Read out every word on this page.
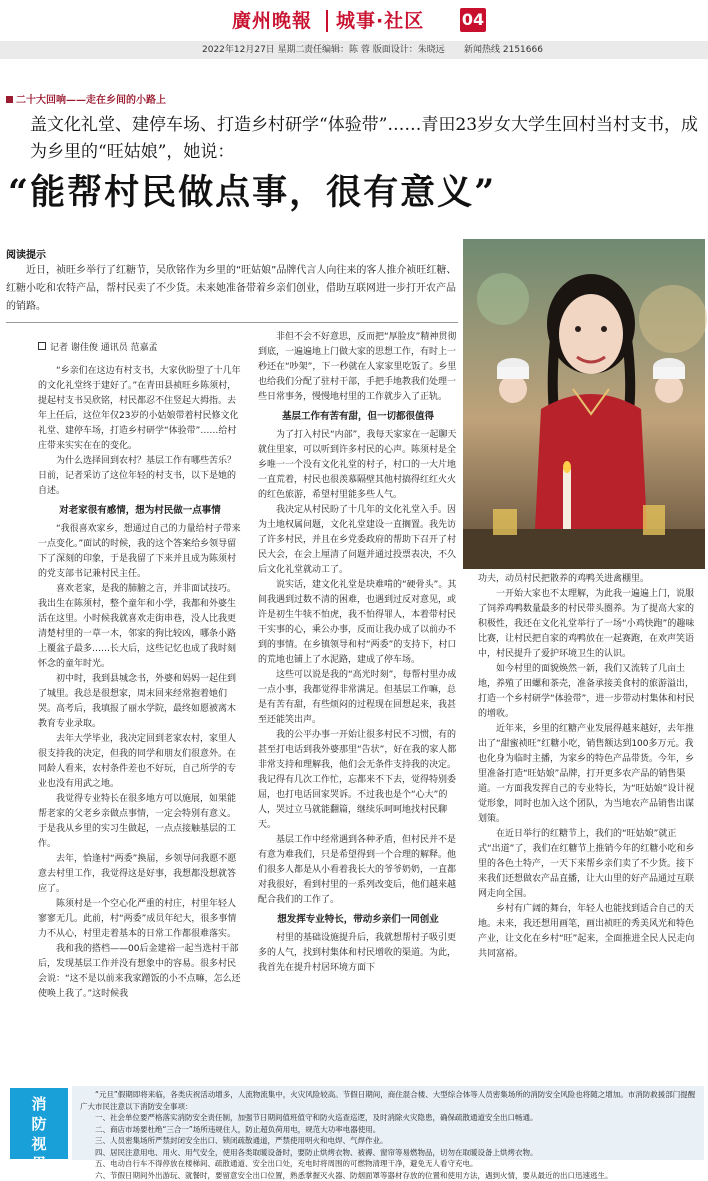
廣州晚報 城事·社区 04
2022年12月27日 星期二 责任编辑：陈 蓉 版面设计：朱晓远 新闻热线 2151666
二十大回响——走在乡间的小路上
盖文化礼堂、建停车场、打造乡村研学“体验带”……青田23岁女大学生回村当村支书，成为乡里的“旺姑娘”，她说：
“能帮村民做点事，很有意义”
阅读提示
近日，祯旺乡举行了红糖节，吴欣铭作为乡里的“旺姑娘”品牌代言人向往来的客人推介祯旺红糖、红糖小吃和农特产品，帮村民卖了不少货。未来她准备带着乡亲们创业，借助互联网进一步打开农产品的销路。

记者 谢佳俊 通讯员 范嘉孟

“乡亲们在这边有村支书，大家伙盼望了十几年的文化礼堂终于建好了。”在青田县祯旺乡陈须村，提起村支书吴欣铭，村民都忍不住竖起大拇指。去年上任后，这位年仅23岁的小姑娘带着村民修文化礼堂、建停车场，打造乡村研学“体验带”……给村庄带来实实在在的变化。

为什么选择回到农村？基层工作有哪些苦乐？日前，记者采访了这位年轻的村支书，以下是她的自述。

对老家很有感情，想为村民做一点事情

“我很喜欢家乡，想通过自己的力量给村子带来一点变化。”面试的时候，我的这个答案给乡领导留下了深刻的印象，于是我留了下来并且成为陈须村的党支部书记兼村民主任。

喜欢老家，是我的肺腑之言，并非面试技巧。我出生在陈须村，整个童年和小学，我都和外婆生活在这里。小时候我就喜欢走街串巷，没人比我更清楚村里的一草一木，邻家的狗比较凶，哪条小路上覆盆子最多……长大后，这些记忆也成了我时刻怀念的童年时光。

初中时，我到县城念书，外婆和妈妈一起住到了城里。我总是很想家，周末回来经常抱着她们哭。高考后，我填报了丽水学院，最终如愿被离木教育专业录取。

去年大学毕业，我决定回到老家农村，家里人很支持我的决定，但我的同学和朋友们很意外。在同龄人看来，农村条件差也不好玩，自己所学的专业也没有用武之地。

我觉得专业特长在很多地方可以施展，如果能帮老家的父老乡亲做点事情，一定会特别有意义。于是我从乡里的实习生做起，一点点接触基层的工作。

去年，恰逢村“两委”换届，乡领导问我愿不愿意去村里工作，我觉得这是好事，我想都没想就答应了。

陈须村是一个空心化严重的村庄，村里年轻人寥寥无几。此前，村“两委”成员年纪大，很多事情力不从心，村里走着基本的日常工作都很难落实。

我和我的搭档——00后金建裕一起当选村干部后，发现基层工作并没有想象中的容易。很多村民会说：“这不是以前来我家蹭饭的小不点嘛，怎么还使唤上我了。”这时候我

非但不会不好意思，反而把“厚脸皮”精神贯彻到底，一遍遍地上门做大家的思想工作，有时上一秒还在“吵架”，下一秒就在人家家里吃饭了。乡里也给我们分配了驻村干部，手把手地教我们处理一些日常事务，慢慢地村里的工作就步入了正轨。

基层工作有苦有甜，但一切都很值得

为了打入村民“内部”，我每天家家在一起聊天就住里家，可以听到许多村民的心声。陈须村是全乡唯一一个没有文化礼堂的村子，村口的一大片地一直荒着，村民也很羡慕隔壁其他村搞得红红火火的红色旅游，希望村里能多些人气。

我决定从村民盼了十几年的文化礼堂入手。因为土地权属问题，文化礼堂建设一直搁置。我先访了许多村民，并且在乡党委政府的帮助下召开了村民大会，在会上厘清了问题并通过投票表决，不久后文化礼堂就动工了。

说实话，建文化礼堂是块难啃的“硬骨头”。其间我遇到过数不清的困难，也遇到过反对意见，或许是初生牛犊不怕虎，我不怕得罪人，本着带村民干实事的心，乘公办事，反而让我办成了以前办不到的事情。在乡镇领导和村“两委”的支持下，村口的荒地也铺上了水泥路，建成了停车场。

这些可以说是我的“高光时刻”，每帮村里办成一点小事，我都觉得非常满足。但基层工作嘛，总是有苦有甜，有些烦闷的过程现在回想起来，我甚至还能笑出声。

我的公平办事一开始让很多村民不习惯，有的甚至打电话到我外婆那里“告状”，好在我的家人都非常支持和理解我，他们会无条件支持我的决定。我记得有几次工作忙，忘都来不下去，觉得特别委屈，也打电话回家哭诉。不过我也是个“心大”的人，哭过立马就能翻篇，继续乐呵呵地找村民聊天。

基层工作中经常遇到各种矛盾，但村民并不是有意为难我们，只是希望得到一个合理的解释。他们很多人都是从小看着我长大的爷爷奶奶，一直都对我很好，看到村里的一系列改变后，他们越来越配合我们的工作了。

想发挥专业特长，带动乡亲们一同创业

村里的基础设施提升后，我就想帮村子吸引更多的人气，找到村集体和村民增收的渠道。为此，我首先在提升村居环境方面下

功夫，动员村民把散养的鸡鸭关进禽棚里。

一开始大家也不太理解，为此我一遍遍上门，说服了饲养鸡鸭数量最多的村民带头圈养。为了提高大家的积极性，我还在文化礼堂举行了一场“小鸡快跑”的趣味比赛，让村民把自家的鸡鸭放在一起赛跑，在欢声笑语中，村民提升了爱护环境卫生的认识。

如今村里的面貌焕然一新，我们又流转了几亩土地，养殖了田螺和茶壳，准备承接美食村的旅游溢出，打造一个乡村研学“体验带”，进一步带动村集体和村民的增收。

近年来，乡里的红糖产业发展得越来越好，去年推出了“甜蜜祯旺”红糖小吃，销售额达到100多万元。我也化身为临时主播，为家乡的特色产品带货。今年，乡里准备打造“旺姑娘”品牌，打开更多农产品的销售渠道。一方面我发挥自己的专业特长，为“旺姑娘”设计视觉形象，同时也加入这个团队，为当地农产品销售出谋划策。

在近日举行的红糖节上，我们的“旺姑娘”就正式“出道”了，我们在红糖节上推销今年的红糖小吃和乡里的各色土特产，一天下来帮乡亲们卖了不少货。接下来我们还想做农产品直播，让大山里的好产品通过互联网走向全国。

乡村有广阔的舞台，年轻人也能找到适合自己的天地。未来，我还想用画笔，画出祯旺的秀美风光和特色产业，让文化在乡村“旺”起来，全面推进全民人民走向共同富裕。

消防视界

“元旦”假期即将来临，各类庆祝活动增多，人流物流集中，火灾风险较高。节假日期间，商住混合楼、大型综合体等人员密集场所的消防安全风险也将随之增加。市消防救援部门提醒广大市民注意以下消防安全事项：

一、社会单位要严格落实消防安全责任制，加强节日期间值班值守和防火巡查巡逻，及时消除火灾隐患，确保疏散通道安全出口畅通。

二、商店市场要杜绝“三合一”场所违规住人，防止超负荷用电，规范大功率电器使用。

三、人员密集场所严禁封闭安全出口、锁闭疏散通道，严禁使用明火和电焊、气焊作业。

四、居民注意用电、用火、用气安全，使用各类取暖设备时，要防止烘烤衣物、被褥、窗帘等易燃物品，切勿在取暖设备上烘烤衣物。

五、电动自行车不得停放在楼梯间、疏散通道、安全出口处，充电时将周围的可燃物清理干净，避免无人看守充电。

六、节假日期间外出游玩、就餐时，要留意安全出口位置，熟悉掌握灭火器、防烟面罩等器材存放的位置和使用方法，遇到火情，要从最近的出口迅速逃生。
